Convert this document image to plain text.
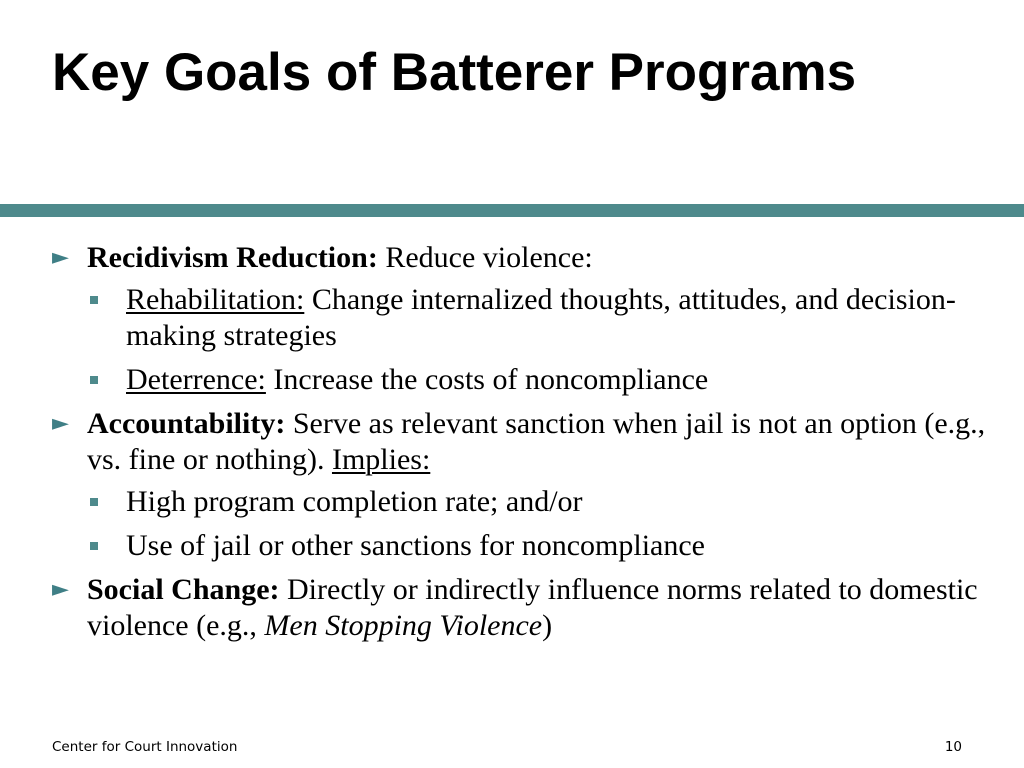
Key Goals of Batterer Programs
► Recidivism Reduction: Reduce violence:
Rehabilitation: Change internalized thoughts, attitudes, and decision-making strategies
Deterrence: Increase the costs of noncompliance
► Accountability: Serve as relevant sanction when jail is not an option (e.g., vs. fine or nothing). Implies:
High program completion rate; and/or
Use of jail or other sanctions for noncompliance
► Social Change: Directly or indirectly influence norms related to domestic violence (e.g., Men Stopping Violence)
Center for Court Innovation	10
